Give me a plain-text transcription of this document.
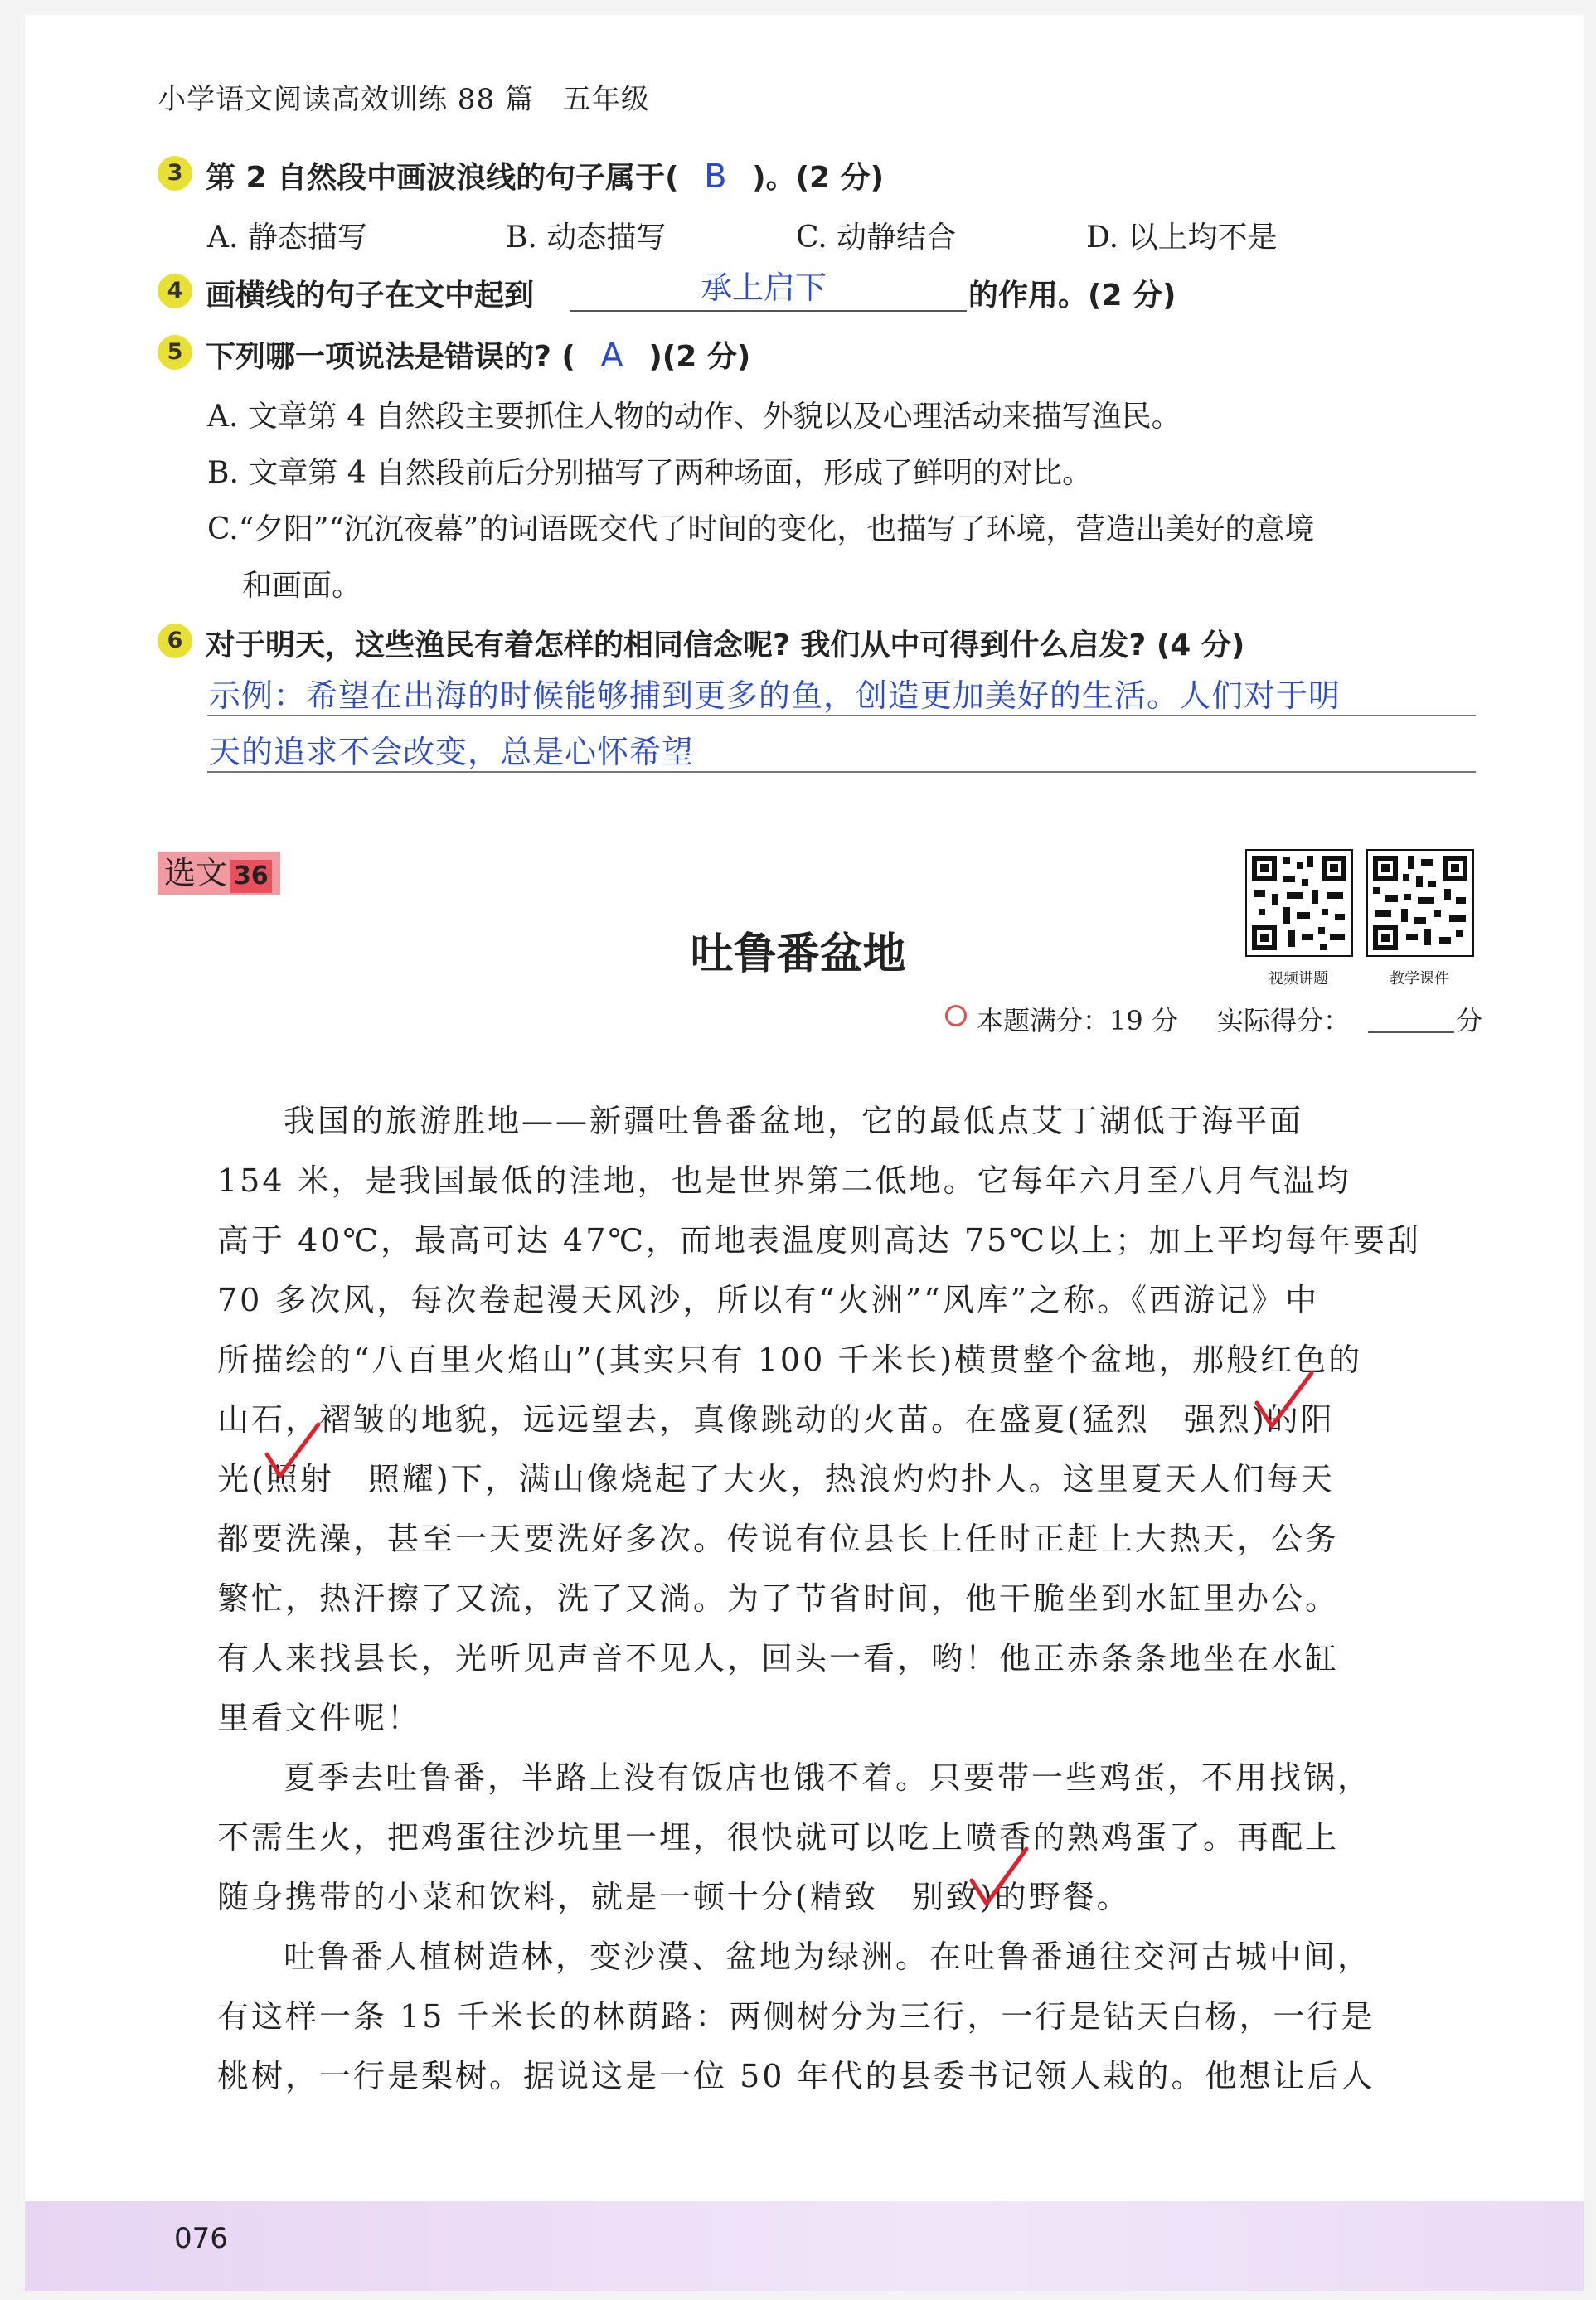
小学语文阅读高效训练 88 篇　五年级
3 第 2 自然段中画波浪线的句子属于( B )。(2 分)
A. 静态描写	B. 动态描写	C. 动静结合	D. 以上均不是
4 画横线的句子在文中起到	承上启下	的作用。(2 分)
5 下列哪一项说法是错误的? ( A )(2 分)
A. 文章第 4 自然段主要抓住人物的动作、外貌以及心理活动来描写渔民。
B. 文章第 4 自然段前后分别描写了两种场面，形成了鲜明的对比。
C.“夕阳”“沉沉夜幕”的词语既交代了时间的变化，也描写了环境，营造出美好的意境
和画面。
6 对于明天，这些渔民有着怎样的相同信念呢? 我们从中可得到什么启发? (4 分)
示例：希望在出海的时候能够捕到更多的鱼，创造更加美好的生活。人们对于明
天的追求不会改变，总是心怀希望
选文 36
吐鲁番盆地	视频讲题	教学课件
本题满分：19 分 实际得分：	分
我国的旅游胜地——新疆吐鲁番盆地，它的最低点艾丁湖低于海平面
154 米，是我国最低的洼地，也是世界第二低地。它每年六月至八月气温均
高于 40℃，最高可达 47℃，而地表温度则高达 75℃以上；加上平均每年要刮
70 多次风，每次卷起漫天风沙，所以有“火洲”“风库”之称。《西游记》中
所描绘的“八百里火焰山”(其实只有 100 千米长)横贯整个盆地，那般红色的
山石，褶皱的地貌，远远望去，真像跳动的火苗。在盛夏(猛烈　强烈)的阳
光(照射　照耀)下，满山像烧起了大火，热浪灼灼扑人。这里夏天人们每天
都要洗澡，甚至一天要洗好多次。传说有位县长上任时正赶上大热天，公务
繁忙，热汗擦了又流，洗了又淌。为了节省时间，他干脆坐到水缸里办公。
有人来找县长，光听见声音不见人，回头一看，哟！他正赤条条地坐在水缸
里看文件呢！
夏季去吐鲁番，半路上没有饭店也饿不着。只要带一些鸡蛋，不用找锅，
不需生火，把鸡蛋往沙坑里一埋，很快就可以吃上喷香的熟鸡蛋了。再配上
随身携带的小菜和饮料，就是一顿十分(精致　别致)的野餐。
吐鲁番人植树造林，变沙漠、盆地为绿洲。在吐鲁番通往交河古城中间，
有这样一条 15 千米长的林荫路：两侧树分为三行，一行是钻天白杨，一行是
桃树，一行是梨树。据说这是一位 50 年代的县委书记领人栽的。他想让后人
076
